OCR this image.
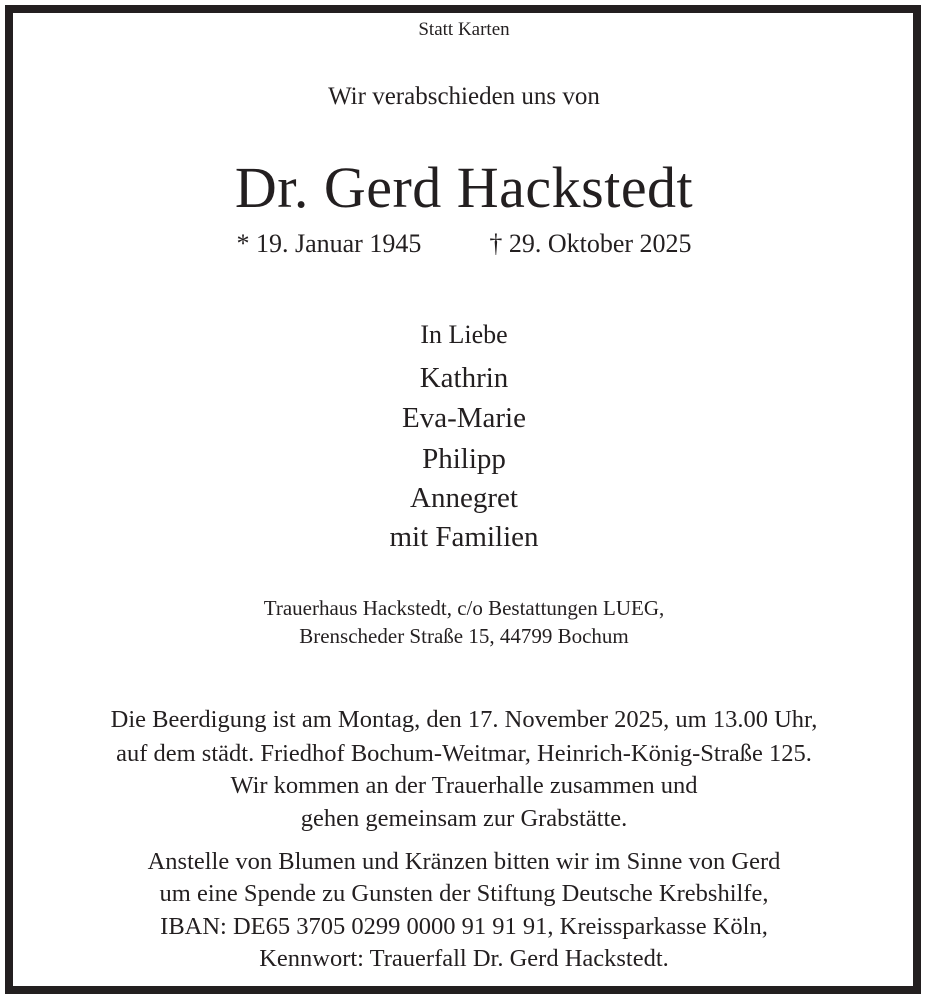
Statt Karten
Wir verabschieden uns von
Dr. Gerd Hackstedt
* 19. Januar 1945	† 29. Oktober 2025
In Liebe
Kathrin
Eva-Marie
Philipp
Annegret
mit Familien
Trauerhaus Hackstedt, c/o Bestattungen LUEG,
Brenscheder Straße 15, 44799 Bochum
Die Beerdigung ist am Montag, den 17. November 2025, um 13.00 Uhr,
auf dem städt. Friedhof Bochum-Weitmar, Heinrich-König-Straße 125.
Wir kommen an der Trauerhalle zusammen und
gehen gemeinsam zur Grabstätte.
Anstelle von Blumen und Kränzen bitten wir im Sinne von Gerd
um eine Spende zu Gunsten der Stiftung Deutsche Krebshilfe,
IBAN: DE65 3705 0299 0000 91 91 91, Kreissparkasse Köln,
Kennwort: Trauerfall Dr. Gerd Hackstedt.
